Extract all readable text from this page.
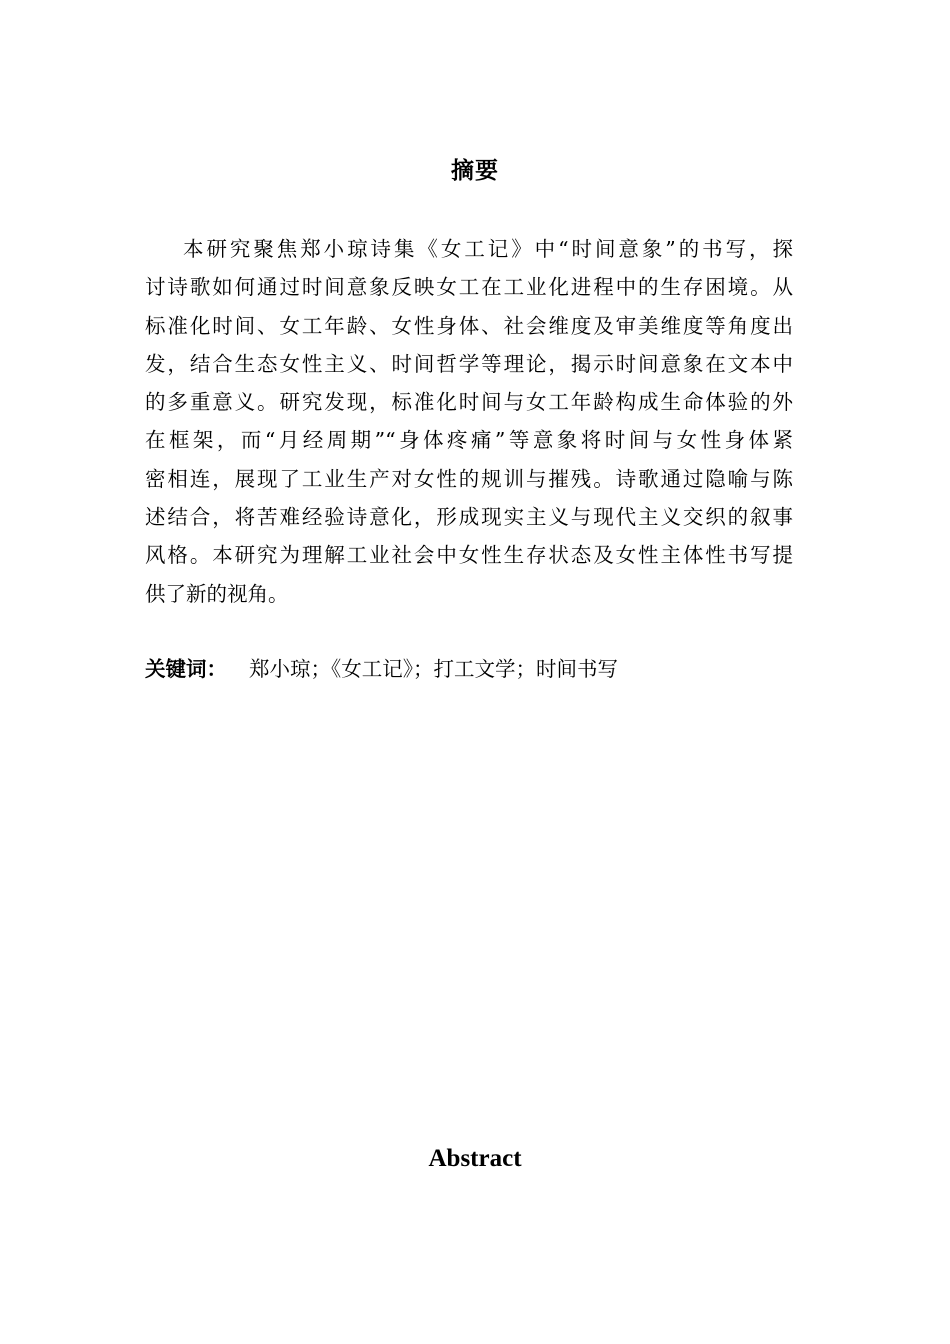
摘要
本研究聚焦郑小琼诗集《女工记》中“时间意象”的书写，探
讨诗歌如何通过时间意象反映女工在工业化进程中的生存困境。从
标准化时间、女工年龄、女性身体、社会维度及审美维度等角度出
发，结合生态女性主义、时间哲学等理论，揭示时间意象在文本中
的多重意义。研究发现，标准化时间与女工年龄构成生命体验的外
在框架，而“月经周期”“身体疼痛”等意象将时间与女性身体紧
密相连，展现了工业生产对女性的规训与摧残。诗歌通过隐喻与陈
述结合，将苦难经验诗意化，形成现实主义与现代主义交织的叙事
风格。本研究为理解工业社会中女性生存状态及女性主体性书写提
供了新的视角。
关键词： 郑小琼；《女工记》；打工文学；时间书写
Abstract
